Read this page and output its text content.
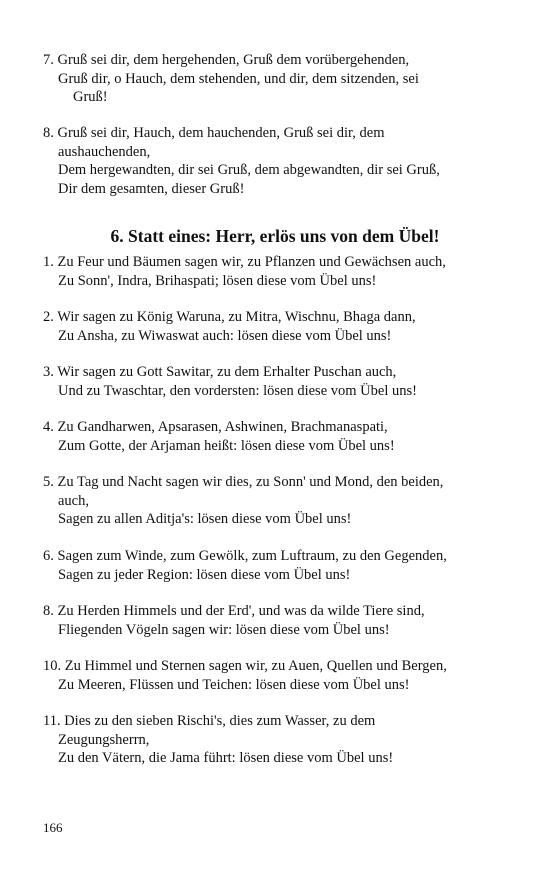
7. Gruß sei dir, dem hergehenden, Gruß dem vorübergehenden,
Gruß dir, o Hauch, dem stehenden, und dir, dem sitzenden, sei
Gruß!
8. Gruß sei dir, Hauch, dem hauchenden, Gruß sei dir, dem
aushauchenden,
Dem hergewandten, dir sei Gruß, dem abgewandten, dir sei Gruß,
Dir dem gesamten, dieser Gruß!
6. Statt eines: Herr, erlös uns von dem Übel!
1. Zu Feur und Bäumen sagen wir, zu Pflanzen und Gewächsen auch,
Zu Sonn', Indra, Brihaspati; lösen diese vom Übel uns!
2. Wir sagen zu König Waruna, zu Mitra, Wischnu, Bhaga dann,
Zu Ansha, zu Wiwaswat auch: lösen diese vom Übel uns!
3. Wir sagen zu Gott Sawitar, zu dem Erhalter Puschan auch,
Und zu Twaschtar, den vordersten: lösen diese vom Übel uns!
4. Zu Gandharwen, Apsarasen, Ashwinen, Brachmanaspati,
Zum Gotte, der Arjaman heißt: lösen diese vom Übel uns!
5. Zu Tag und Nacht sagen wir dies, zu Sonn' und Mond, den beiden,
auch,
Sagen zu allen Aditja's: lösen diese vom Übel uns!
6. Sagen zum Winde, zum Gewölk, zum Luftraum, zu den Gegenden,
Sagen zu jeder Region: lösen diese vom Übel uns!
8. Zu Herden Himmels und der Erd', und was da wilde Tiere sind,
Fliegenden Vögeln sagen wir: lösen diese vom Übel uns!
10. Zu Himmel und Sternen sagen wir, zu Auen, Quellen und Bergen,
Zu Meeren, Flüssen und Teichen: lösen diese vom Übel uns!
11. Dies zu den sieben Rischi's, dies zum Wasser, zu dem
Zeugungsherrn,
Zu den Vätern, die Jama führt: lösen diese vom Übel uns!
166
